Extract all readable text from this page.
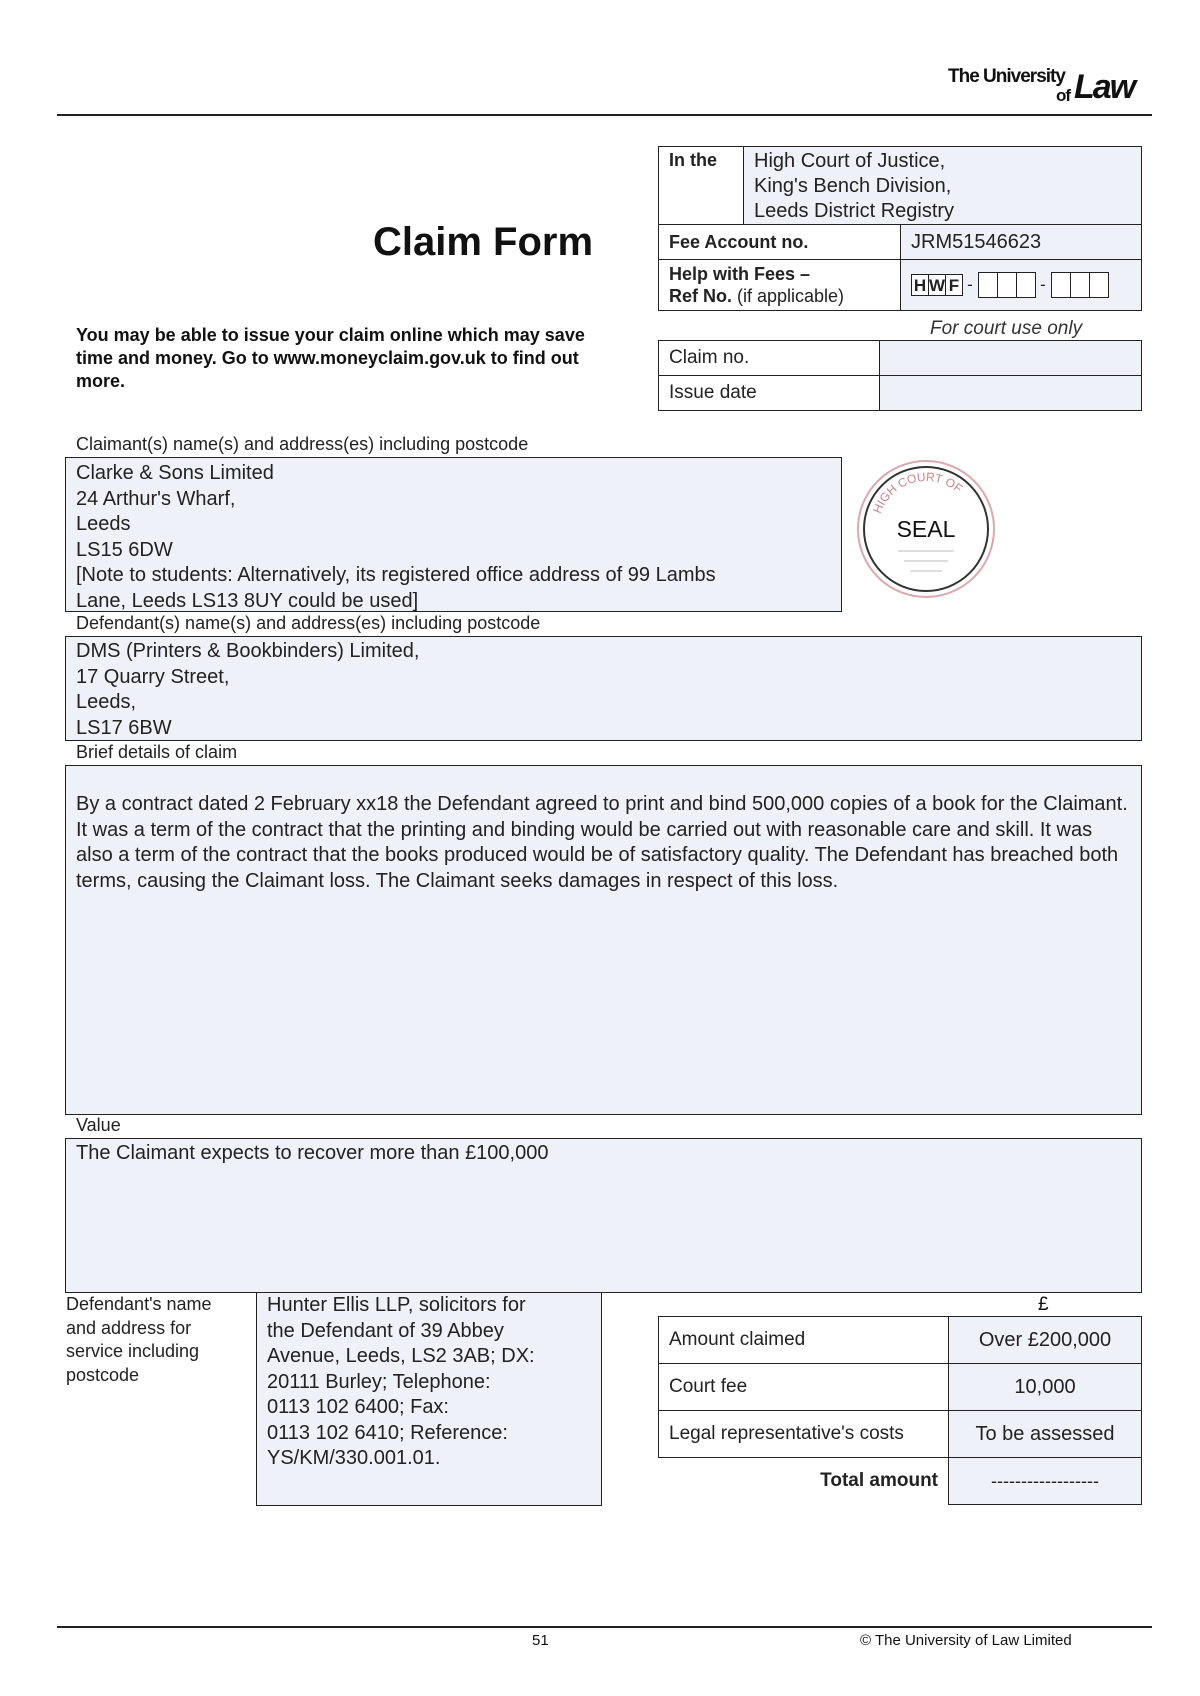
The University
of Law
Claim Form
You may be able to issue your claim online which may save time and money. Go to www.moneyclaim.gov.uk to find out more.
In the	High Court of Justice,
King's Bench Division,
Leeds District Registry	
Fee Account no.		JRM51546623
Help with Fees –
Ref No. (if applicable)		H W F - -
For court use only
Claim no.	
Issue date	
Claimant(s) name(s) and address(es) including postcode
Clarke & Sons Limited
24 Arthur's Wharf,
Leeds
LS15 6DW
[Note to students: Alternatively, its registered office address of 99 Lambs
Lane, Leeds LS13 8UY could be used]
HIGH COURT OF
SEAL
Defendant(s) name(s) and address(es) including postcode
DMS (Printers & Bookbinders) Limited,
17 Quarry Street,
Leeds,
LS17 6BW
Brief details of claim
By a contract dated 2 February xx18 the Defendant agreed to print and bind 500,000 copies of a book for the Claimant. It was a term of the contract that the printing and binding would be carried out with reasonable care and skill. It was also a term of the contract that the books produced would be of satisfactory quality. The Defendant has breached both terms, causing the Claimant loss. The Claimant seeks damages in respect of this loss.
Value
The Claimant expects to recover more than £100,000
Defendant's name
and address for
service including
postcode
Hunter Ellis LLP, solicitors for
the Defendant of 39 Abbey
Avenue, Leeds, LS2 3AB; DX:
20111 Burley; Telephone:
0113 102 6400; Fax:
0113 102 6410; Reference:
YS/KM/330.001.01.
£
Amount claimed	Over £200,000
Court fee	10,000
Legal representative's costs	To be assessed
Total amount	------------------
51	© The University of Law Limited
